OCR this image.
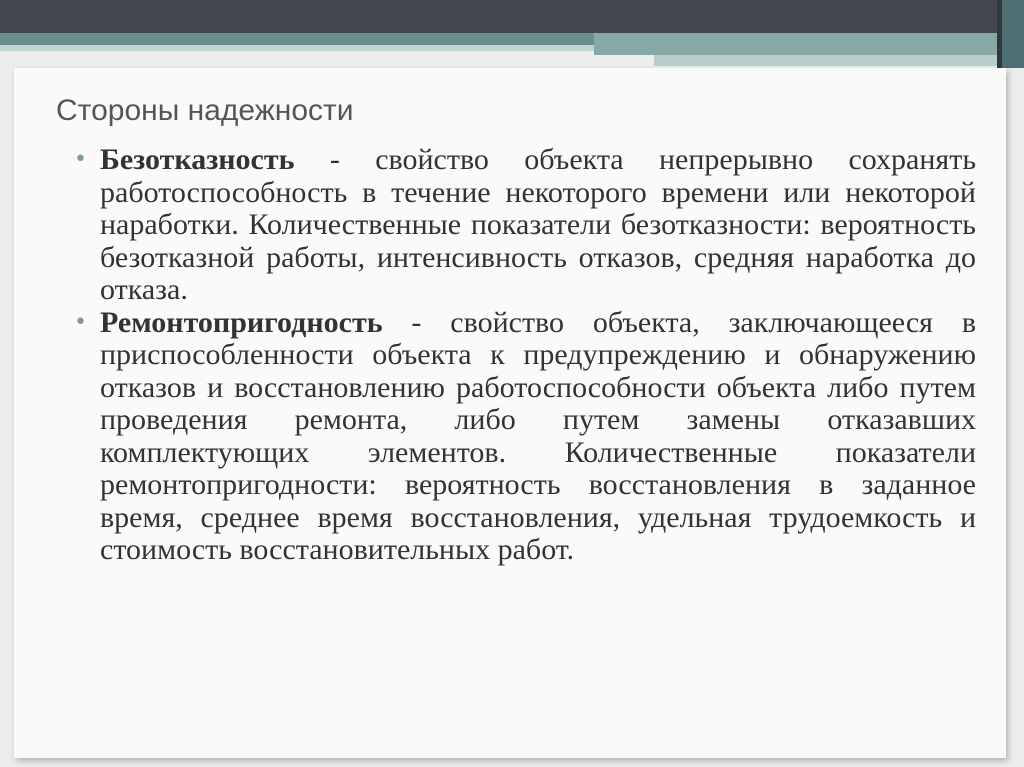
Стороны надежности
• Безотказность - свойство объекта непрерывно сохранять работоспособность в течение некоторого времени или некоторой наработки. Количественные показатели безотказности: вероятность безотказной работы, интенсивность отказов, средняя наработка до отказа.
• Ремонтопригодность - свойство объекта, заключающееся в приспособленности объекта к предупреждению и обнаружению отказов и восстановлению работоспособности объекта либо путем проведения ремонта, либо путем замены отказавших комплектующих элементов. Количественные показатели ремонтопригодности: вероятность восстановления в заданное время, среднее время восстановления, удельная трудоемкость и стоимость восстановительных работ.
